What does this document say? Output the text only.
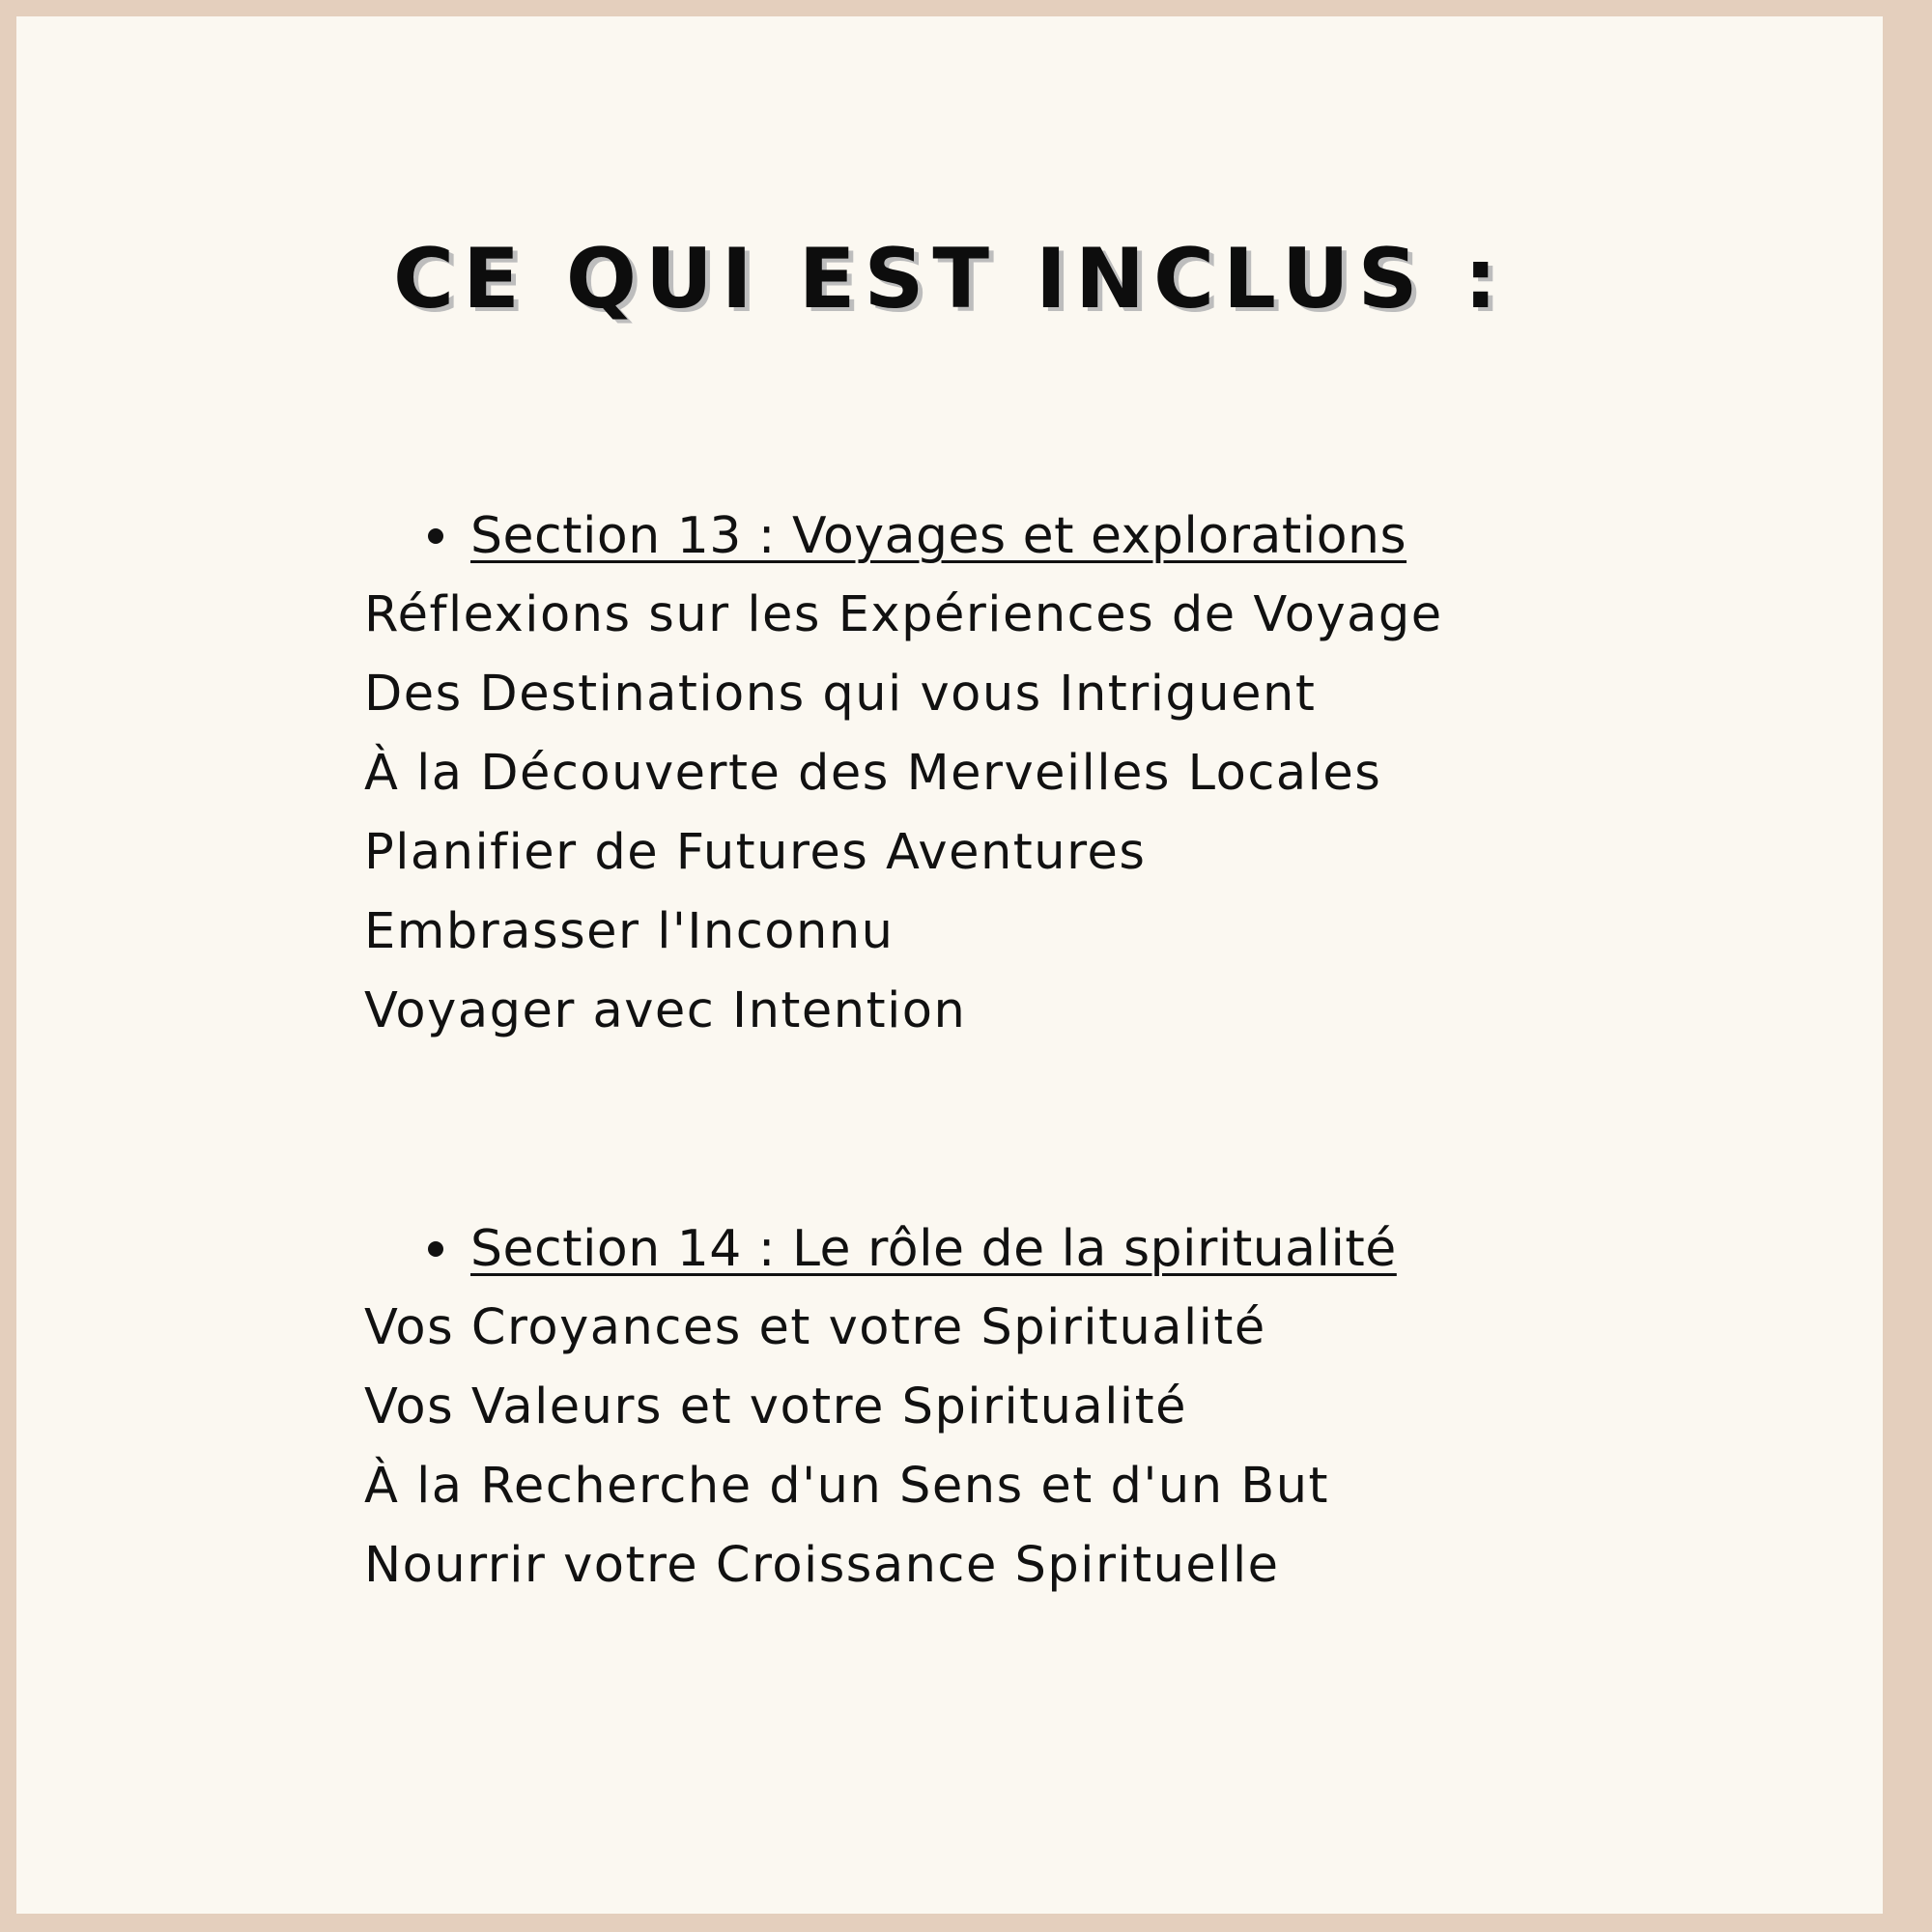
CE QUI EST INCLUS :
Section 13 : Voyages et explorations
Réflexions sur les Expériences de Voyage
Des Destinations qui vous Intriguent
À la Découverte des Merveilles Locales
Planifier de Futures Aventures
Embrasser l'Inconnu
Voyager avec Intention
Section 14 : Le rôle de la spiritualité
Vos Croyances et votre Spiritualité
Vos Valeurs et votre Spiritualité
À la Recherche d'un Sens et d'un But
Nourrir votre Croissance Spirituelle
